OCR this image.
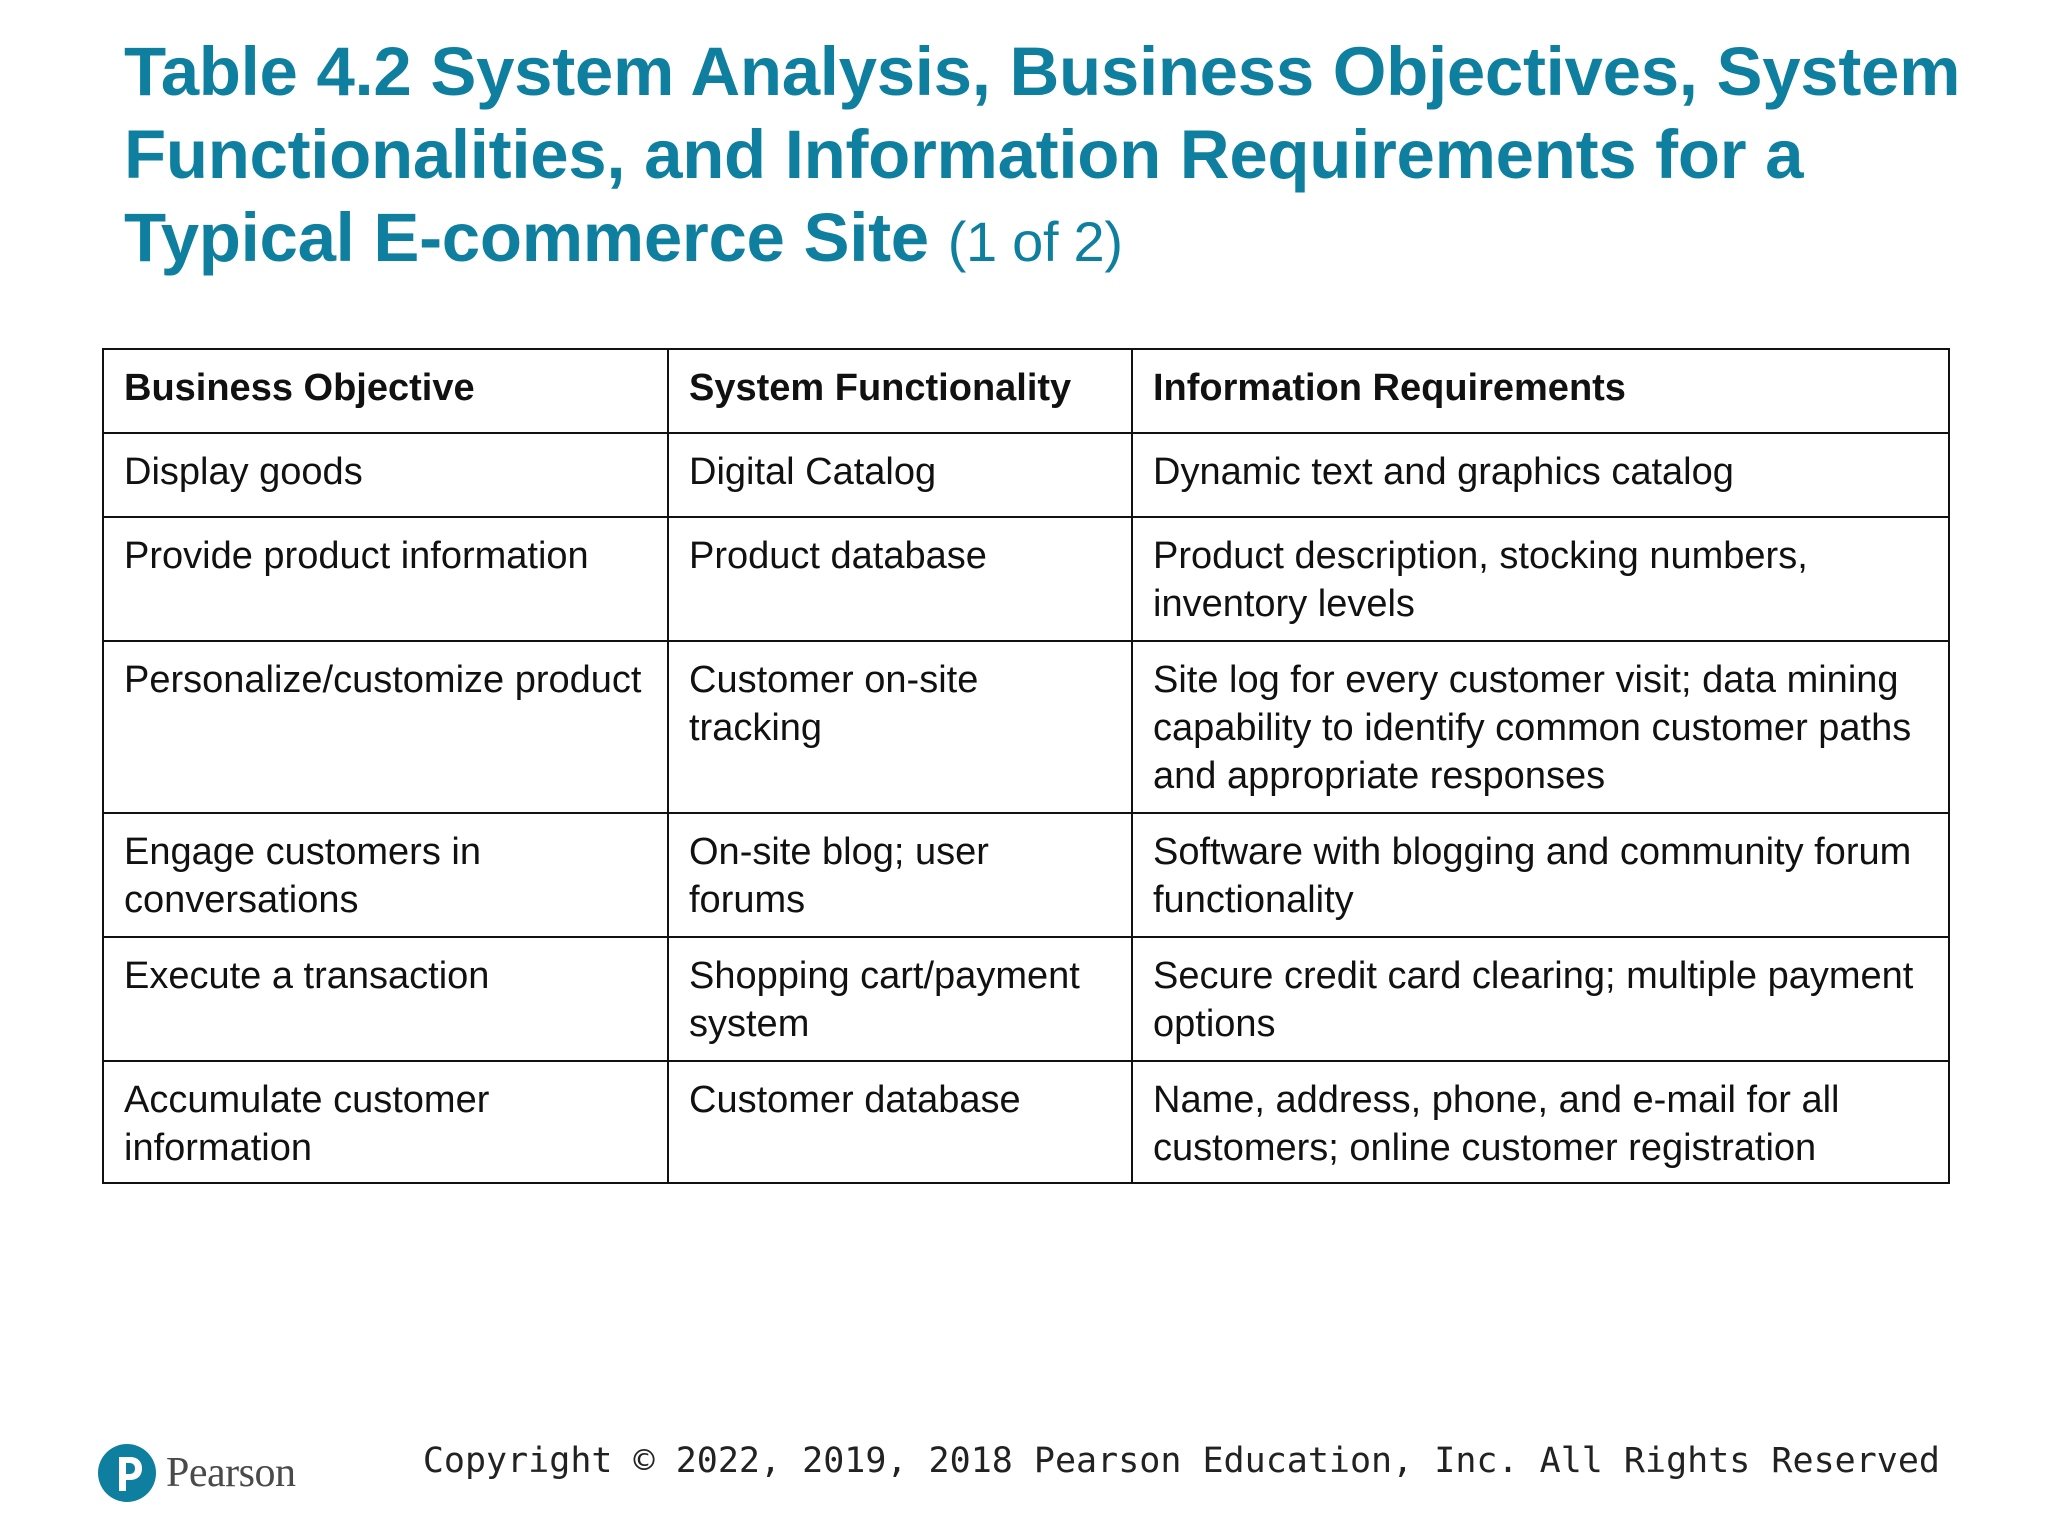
Table 4.2 System Analysis, Business Objectives, System Functionalities, and Information Requirements for a Typical E-commerce Site (1 of 2)
Business Objective	System Functionality	Information Requirements
Display goods	Digital Catalog	Dynamic text and graphics catalog
Provide product information	Product database	Product description, stocking numbers, inventory levels
Personalize/customize product	Customer on-site tracking	Site log for every customer visit; data mining capability to identify common customer paths and appropriate responses
Engage customers in conversations	On-site blog; user forums	Software with blogging and community forum functionality
Execute a transaction	Shopping cart/payment system	Secure credit card clearing; multiple payment options
Accumulate customer information	Customer database	Name, address, phone, and e-mail for all customers; online customer registration
Pearson	Copyright © 2022, 2019, 2018 Pearson Education, Inc. All Rights Reserved
